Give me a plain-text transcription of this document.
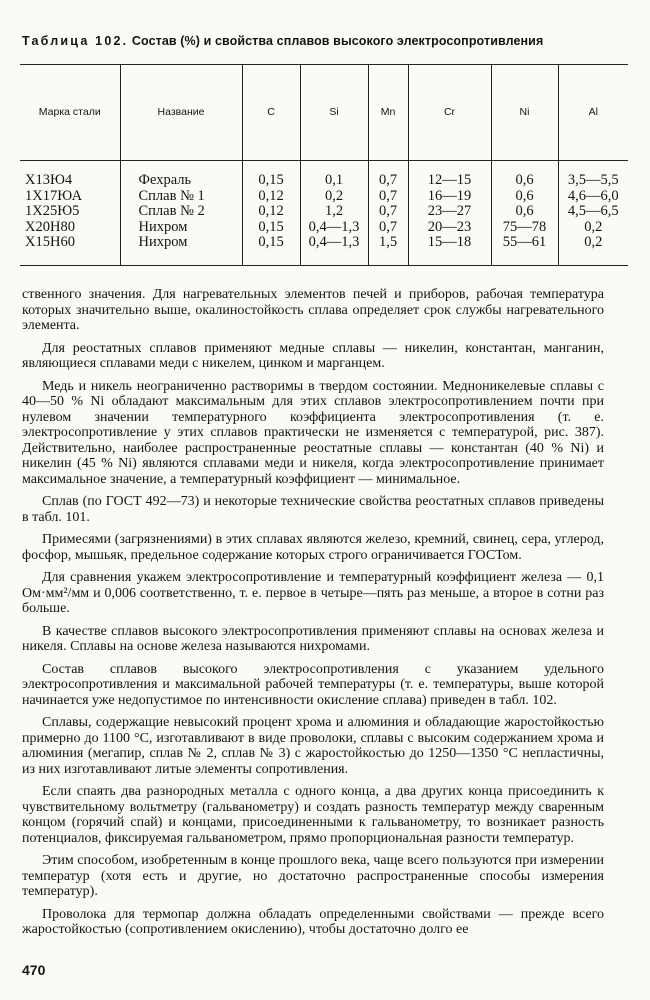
Таблица 102. Состав (%) и свойства сплавов высокого электросопротивления
Марка стали	Название	C	Si	Mn	Cr	Ni	Al
Х13Ю4	Фехраль	0,15	0,1	0,7	12—15	0,6	3,5—5,5
1Х17ЮА	Сплав № 1	0,12	0,2	0,7	16—19	0,6	4,6—6,0
1Х25Ю5	Сплав № 2	0,12	1,2	0,7	23—27	0,6	4,5—6,5
Х20Н80	Нихром	0,15	0,4—1,3	0,7	20—23	75—78	0,2
Х15Н60	Нихром	0,15	0,4—1,3	1,5	15—18	55—61	0,2

ственного значения. Для нагревательных элементов печей и приборов, рабочая температура которых значительно выше, окалиностойкость сплава определяет срок службы нагревательного элемента.

Для реостатных сплавов применяют медные сплавы — никелин, константан, манганин, являющиеся сплавами меди с никелем, цинком и марганцем.

Медь и никель неограниченно растворимы в твердом состоянии. Медноникелевые сплавы с 40—50 % Ni обладают максимальным для этих сплавов электросопротивлением почти при нулевом значении температурного коэффициента электросопротивления (т. е. электросопротивление у этих сплавов практически не изменяется с температурой, рис. 387). Действительно, наиболее распространенные реостатные сплавы — константан (40 % Ni) и никелин (45 % Ni) являются сплавами меди и никеля, когда электросопротивление принимает максимальное значение, а температурный коэффициент — минимальное.

Сплав (по ГОСТ 492—73) и некоторые технические свойства реостатных сплавов приведены в табл. 101.

Примесями (загрязнениями) в этих сплавах являются железо, кремний, свинец, сера, углерод, фосфор, мышьяк, предельное содержание которых строго ограничивается ГОСТом.

Для сравнения укажем электросопротивление и температурный коэффициент железа — 0,1 Ом·мм²/мм и 0,006 соответственно, т. е. первое в четыре—пять раз меньше, а второе в сотни раз больше.

В качестве сплавов высокого электросопротивления применяют сплавы на основах железа и никеля. Сплавы на основе железа называются нихромами.

Состав сплавов высокого электросопротивления с указанием удельного электросопротивления и максимальной рабочей температуры (т. е. температуры, выше которой начинается уже недопустимое по интенсивности окисление сплава) приведен в табл. 102.

Сплавы, содержащие невысокий процент хрома и алюминия и обладающие жаростойкостью примерно до 1100 °С, изготавливают в виде проволоки, сплавы с высоким содержанием хрома и алюминия (мегапир, сплав № 2, сплав № 3) с жаростойкостью до 1250—1350 °С непластичны, из них изготавливают литые элементы сопротивления.

Если спаять два разнородных металла с одного конца, а два других конца присоединить к чувствительному вольтметру (гальванометру) и создать разность температур между сваренным концом (горячий спай) и концами, присоединенными к гальванометру, то возникает разность потенциалов, фиксируемая гальванометром, прямо пропорциональная разности температур.

Этим способом, изобретенным в конце прошлого века, чаще всего пользуются при измерении температур (хотя есть и другие, но достаточно распространенные способы измерения температур).

Проволока для термопар должна обладать определенными свойствами — прежде всего жаростойкостью (сопротивлением окислению), чтобы достаточно долго ее

470
